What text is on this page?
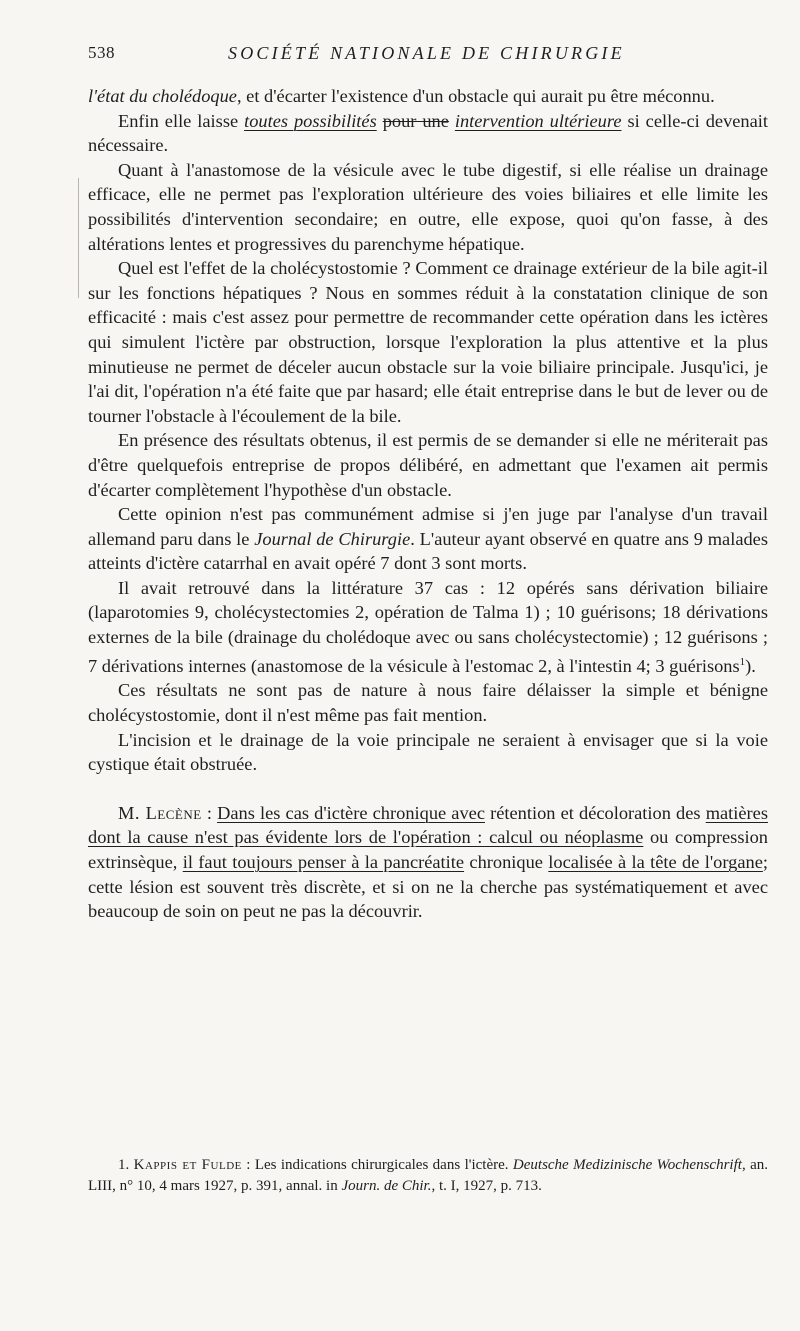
538	SOCIÉTÉ NATIONALE DE CHIRURGIE

l'état du cholédoque, et d'écarter l'existence d'un obstacle qui aurait pu être méconnu.

Enfin elle laisse toutes possibilités pour une intervention ultérieure si celle-ci devenait nécessaire.

Quant à l'anastomose de la vésicule avec le tube digestif, si elle réalise un drainage efficace, elle ne permet pas l'exploration ultérieure des voies biliaires et elle limite les possibilités d'intervention secondaire; en outre, elle expose, quoi qu'on fasse, à des altérations lentes et progressives du parenchyme hépatique.

Quel est l'effet de la cholécystostomie ? Comment ce drainage extérieur de la bile agit-il sur les fonctions hépatiques ? Nous en sommes réduit à la constatation clinique de son efficacité : mais c'est assez pour permettre de recommander cette opération dans les ictères qui simulent l'ictère par obstruction, lorsque l'exploration la plus attentive et la plus minutieuse ne permet de déceler aucun obstacle sur la voie biliaire principale. Jusqu'ici, je l'ai dit, l'opération n'a été faite que par hasard; elle était entreprise dans le but de lever ou de tourner l'obstacle à l'écoulement de la bile.

En présence des résultats obtenus, il est permis de se demander si elle ne mériterait pas d'être quelquefois entreprise de propos délibéré, en admettant que l'examen ait permis d'écarter complètement l'hypothèse d'un obstacle.

Cette opinion n'est pas communément admise si j'en juge par l'analyse d'un travail allemand paru dans le Journal de Chirurgie. L'auteur ayant observé en quatre ans 9 malades atteints d'ictère catarrhal en avait opéré 7 dont 3 sont morts.

Il avait retrouvé dans la littérature 37 cas : 12 opérés sans dérivation biliaire (laparotomies 9, cholécystectomies 2, opération de Talma 1) ; 10 guérisons; 18 dérivations externes de la bile (drainage du cholédoque avec ou sans cholécystectomie) ; 12 guérisons ; 7 dérivations internes (anastomose de la vésicule à l'estomac 2, à l'intestin 4; 3 guérisons$^1$).

Ces résultats ne sont pas de nature à nous faire délaisser la simple et bénigne cholécystostomie, dont il n'est même pas fait mention.

L'incision et le drainage de la voie principale ne seraient à envisager que si la voie cystique était obstruée.

M. Lecène : Dans les cas d'ictère chronique avec rétention et décoloration des matières dont la cause n'est pas évidente lors de l'opération : calcul ou néoplasme ou compression extrinsèque, il faut toujours penser à la pancréatite chronique localisée à la tête de l'organe; cette lésion est souvent très discrète, et si on ne la cherche pas systématiquement et avec beaucoup de soin on peut ne pas la découvrir.

1. Kappis et Fulde : Les indications chirurgicales dans l'ictère. Deutsche Medizinische Wochenschrift, an. LIII, n° 10, 4 mars 1927, p. 391, annal. in Journ. de Chir., t. I, 1927, p. 713.
